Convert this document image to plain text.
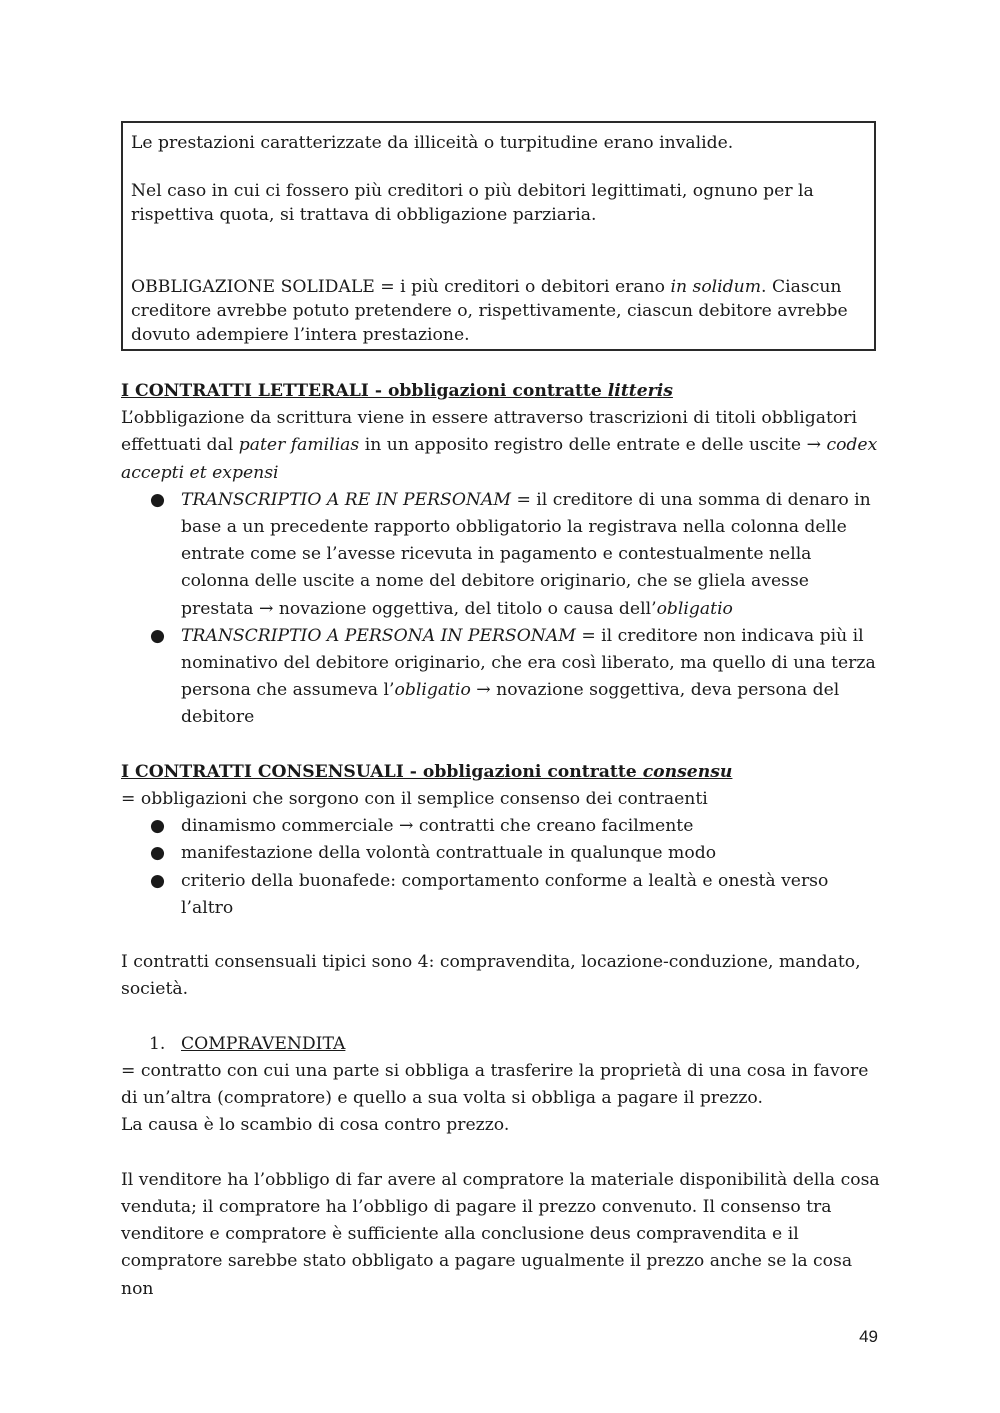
Le prestazioni caratterizzate da illiceità o turpitudine erano invalide.

Nel caso in cui ci fossero più creditori o più debitori legittimati, ognuno per la rispettiva quota, si trattava di obbligazione parziaria.

OBBLIGAZIONE SOLIDALE = i più creditori o debitori erano in solidum. Ciascun creditore avrebbe potuto pretendere o, rispettivamente, ciascun debitore avrebbe dovuto adempiere l’intera prestazione.

I CONTRATTI LETTERALI - obbligazioni contratte litteris

L’obbligazione da scrittura viene in essere attraverso trascrizioni di titoli obbligatori effettuati dal pater familias in un apposito registro delle entrate e delle uscite → codex accepti et expensi

● TRANSCRIPTIO A RE IN PERSONAM = il creditore di una somma di denaro in base a un precedente rapporto obbligatorio la registrava nella colonna delle entrate come se l’avesse ricevuta in pagamento e contestualmente nella colonna delle uscite a nome del debitore originario, che se gliela avesse prestata → novazione oggettiva, del titolo o causa dell’obligatio
● TRANSCRIPTIO A PERSONA IN PERSONAM = il creditore non indicava più il nominativo del debitore originario, che era così liberato, ma quello di una terza persona che assumeva l’obligatio → novazione soggettiva, deva persona del debitore

I CONTRATTI CONSENSUALI - obbligazioni contratte consensu

= obbligazioni che sorgono con il semplice consenso dei contraenti

● dinamismo commerciale → contratti che creano facilmente
● manifestazione della volontà contrattuale in qualunque modo
● criterio della buonafede: comportamento conforme a lealtà e onestà verso l’altro

I contratti consensuali tipici sono 4: compravendita, locazione-conduzione, mandato, società.

1. COMPRAVENDITA

= contratto con cui una parte si obbliga a trasferire la proprietà di una cosa in favore di un’altra (compratore) e quello a sua volta si obbliga a pagare il prezzo.

La causa è lo scambio di cosa contro prezzo.

Il venditore ha l’obbligo di far avere al compratore la materiale disponibilità della cosa venduta; il compratore ha l’obbligo di pagare il prezzo convenuto. Il consenso tra venditore e compratore è sufficiente alla conclusione deus compravendita e il compratore sarebbe stato obbligato a pagare ugualmente il prezzo anche se la cosa non

49
